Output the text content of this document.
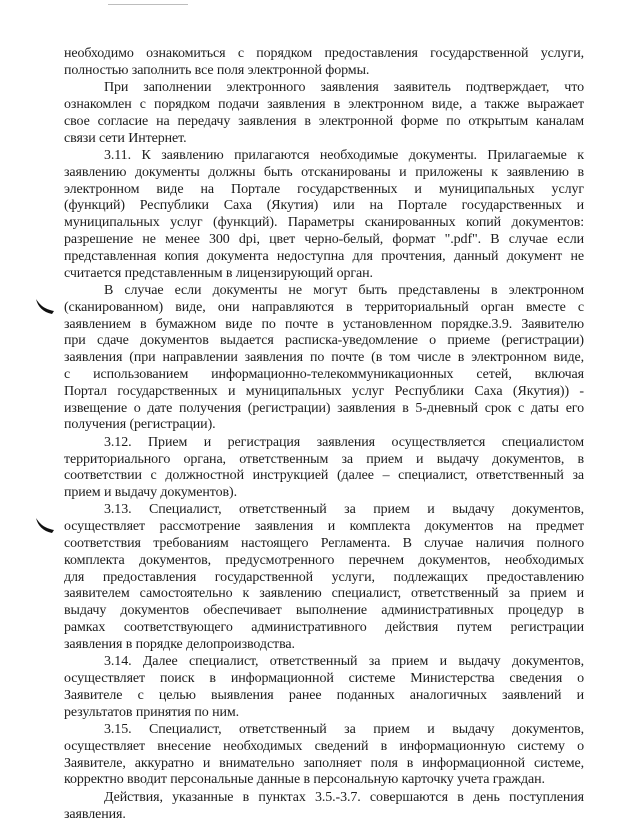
необходимо ознакомиться с порядком предоставления государственной услуги,
полностью заполнить все поля электронной формы.
При заполнении электронного заявления заявитель подтверждает, что
ознакомлен с порядком подачи заявления в электронном виде, а также выражает
свое согласие на передачу заявления в электронной форме по открытым каналам
связи сети Интернет.
3.11. К заявлению прилагаются необходимые документы. Прилагаемые к
заявлению документы должны быть отсканированы и приложены к заявлению в
электронном виде на Портале государственных и муниципальных услуг
(функций) Республики Саха (Якутия) или на Портале государственных и
муниципальных услуг (функций). Параметры сканированных копий документов:
разрешение не менее 300 dpi, цвет черно-белый, формат ".pdf". В случае если
представленная копия документа недоступна для прочтения, данный документ не
считается представленным в лицензирующий орган.
В случае если документы не могут быть представлены в электронном
(сканированном) виде, они направляются в территориальный орган вместе с
заявлением в бумажном виде по почте в установленном порядке.3.9. Заявителю
при сдаче документов выдается расписка-уведомление о приеме (регистрации)
заявления (при направлении заявления по почте (в том числе в электронном виде,
с использованием информационно-телекоммуникационных сетей, включая
Портал государственных и муниципальных услуг Республики Саха (Якутия)) -
извещение о дате получения (регистрации) заявления в 5-дневный срок с даты его
получения (регистрации).
3.12. Прием и регистрация заявления осуществляется специалистом
территориального органа, ответственным за прием и выдачу документов, в
соответствии с должностной инструкцией (далее – специалист, ответственный за
прием и выдачу документов).
3.13. Специалист, ответственный за прием и выдачу документов,
осуществляет рассмотрение заявления и комплекта документов на предмет
соответствия требованиям настоящего Регламента. В случае наличия полного
комплекта документов, предусмотренного перечнем документов, необходимых
для предоставления государственной услуги, подлежащих предоставлению
заявителем самостоятельно к заявлению специалист, ответственный за прием и
выдачу документов обеспечивает выполнение административных процедур в
рамках соответствующего административного действия путем регистрации
заявления в порядке делопроизводства.
3.14. Далее специалист, ответственный за прием и выдачу документов,
осуществляет поиск в информационной системе Министерства сведения о
Заявителе с целью выявления ранее поданных аналогичных заявлений и
результатов принятия по ним.
3.15. Специалист, ответственный за прием и выдачу документов,
осуществляет внесение необходимых сведений в информационную систему о
Заявителе, аккуратно и внимательно заполняет поля в информационной системе,
корректно вводит персональные данные в персональную карточку учета граждан.
Действия, указанные в пунктах 3.5.-3.7. совершаются в день поступления
заявления.
